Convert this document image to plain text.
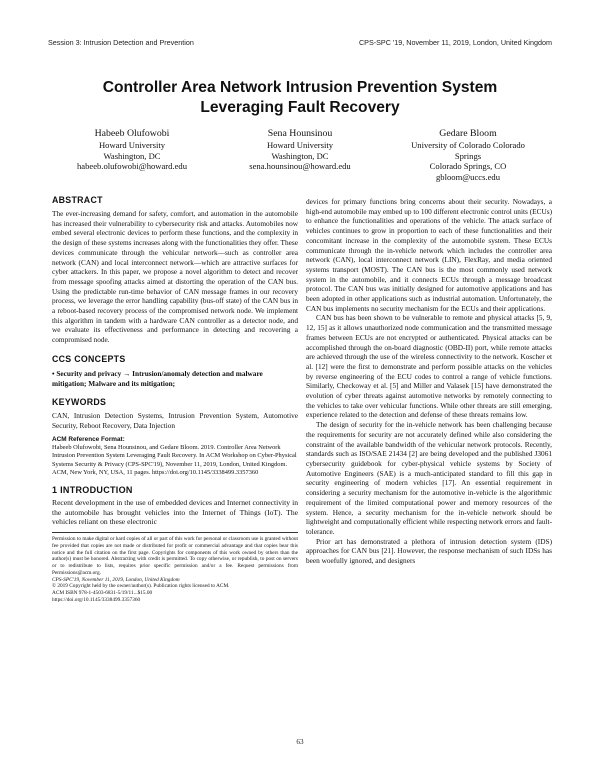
Session 3: Intrusion Detection and Prevention	CPS-SPC '19, November 11, 2019, London, United Kingdom
Controller Area Network Intrusion Prevention System
Leveraging Fault Recovery
Habeeb Olufowobi
Howard University
Washington, DC
habeeb.olufowobi@howard.edu
Sena Hounsinou
Howard University
Washington, DC
sena.hounsinou@howard.edu
Gedare Bloom
University of Colorado Colorado
Springs
Colorado Springs, CO
gbloom@uccs.edu
ABSTRACT

The ever-increasing demand for safety, comfort, and automation in the automobile has increased their vulnerability to cybersecurity risk and attacks. Automobiles now embed several electronic devices to perform these functions, and the complexity in the design of these systems increases along with the functionalities they offer. These devices communicate through the vehicular network—such as controller area network (CAN) and local interconnect network—which are attractive surfaces for cyber attackers. In this paper, we propose a novel algorithm to detect and recover from message spoofing attacks aimed at distorting the operation of the CAN bus. Using the predictable run-time behavior of CAN message frames in our recovery process, we leverage the error handling capability (bus-off state) of the CAN bus in a reboot-based recovery process of the compromised network node. We implement this algorithm in tandem with a hardware CAN controller as a detector node, and we evaluate its effectiveness and performance in detecting and recovering a compromised node.

CCS CONCEPTS
• Security and privacy → Intrusion/anomaly detection and malware mitigation; Malware and its mitigation;
KEYWORDS

CAN, Intrusion Detection Systems, Intrusion Prevention System, Automotive Security, Reboot Recovery, Data Injection

ACM Reference Format:

Habeeb Olufowobi, Sena Hounsinou, and Gedare Bloom. 2019. Controller Area Network Intrusion Prevention System Leveraging Fault Recovery. In ACM Workshop on Cyber-Physical Systems Security & Privacy (CPS-SPC'19), November 11, 2019, London, United Kingdom. ACM, New York, NY, USA, 11 pages. https://doi.org/10.1145/3338499.3357360

1 INTRODUCTION

Recent development in the use of embedded devices and Internet connectivity in the automobile has brought vehicles into the Internet of Things (IoT). The vehicles reliant on these electronic

Permission to make digital or hard copies of all or part of this work for personal or classroom use is granted without fee provided that copies are not made or distributed for profit or commercial advantage and that copies bear this notice and the full citation on the first page. Copyrights for components of this work owned by others than the author(s) must be honored. Abstracting with credit is permitted. To copy otherwise, or republish, to post on servers or to redistribute to lists, requires prior specific permission and/or a fee. Request permissions from Permissions@acm.org.

CPS-SPC'19, November 11, 2019, London, United Kingdom

© 2019 Copyright held by the owner/author(s). Publication rights licensed to ACM.

ACM ISBN 978-1-4503-6831-5/19/11...$15.00

https://doi.org/10.1145/3338499.3357360

devices for primary functions bring concerns about their security. Nowadays, a high-end automobile may embed up to 100 different electronic control units (ECUs) to enhance the functionalities and operations of the vehicle. The attack surface of vehicles continues to grow in proportion to each of these functionalities and their concomitant increase in the complexity of the automobile system. These ECUs communicate through the in-vehicle network which includes the controller area network (CAN), local interconnect network (LIN), FlexRay, and media oriented systems transport (MOST). The CAN bus is the most commonly used network system in the automobile, and it connects ECUs through a message broadcast protocol. The CAN bus was initially designed for automotive applications and has been adopted in other applications such as industrial automation. Unfortunately, the CAN bus implements no security mechanism for the ECUs and their applications.

CAN bus has been shown to be vulnerable to remote and physical attacks [5, 9, 12, 15] as it allows unauthorized node communication and the transmitted message frames between ECUs are not encrypted or authenticated. Physical attacks can be accomplished through the on-board diagnostic (OBD-II) port, while remote attacks are achieved through the use of the wireless connectivity to the network. Koscher et al. [12] were the first to demonstrate and perform possible attacks on the vehicles by reverse engineering of the ECU codes to control a range of vehicle functions. Similarly, Checkoway et al. [5] and Miller and Valasek [15] have demonstrated the evolution of cyber threats against automotive networks by remotely connecting to the vehicles to take over vehicular functions. While other threats are still emerging, experience related to the detection and defense of these threats remains low.

The design of security for the in-vehicle network has been challenging because the requirements for security are not accurately defined while also considering the constraint of the available bandwidth of the vehicular network protocols. Recently, standards such as ISO/SAE 21434 [2] are being developed and the published J3061 cybersecurity guidebook for cyber-physical vehicle systems by Society of Automotive Engineers (SAE) is a much-anticipated standard to fill this gap in security engineering of modern vehicles [17]. An essential requirement in considering a security mechanism for the automotive in-vehicle is the algorithmic requirement of the limited computational power and memory resources of the system. Hence, a security mechanism for the in-vehicle network should be lightweight and computationally efficient while respecting network errors and fault-tolerance.

Prior art has demonstrated a plethora of intrusion detection system (IDS) approaches for CAN bus [21]. However, the response mechanism of such IDSs has been woefully ignored, and designers

63
